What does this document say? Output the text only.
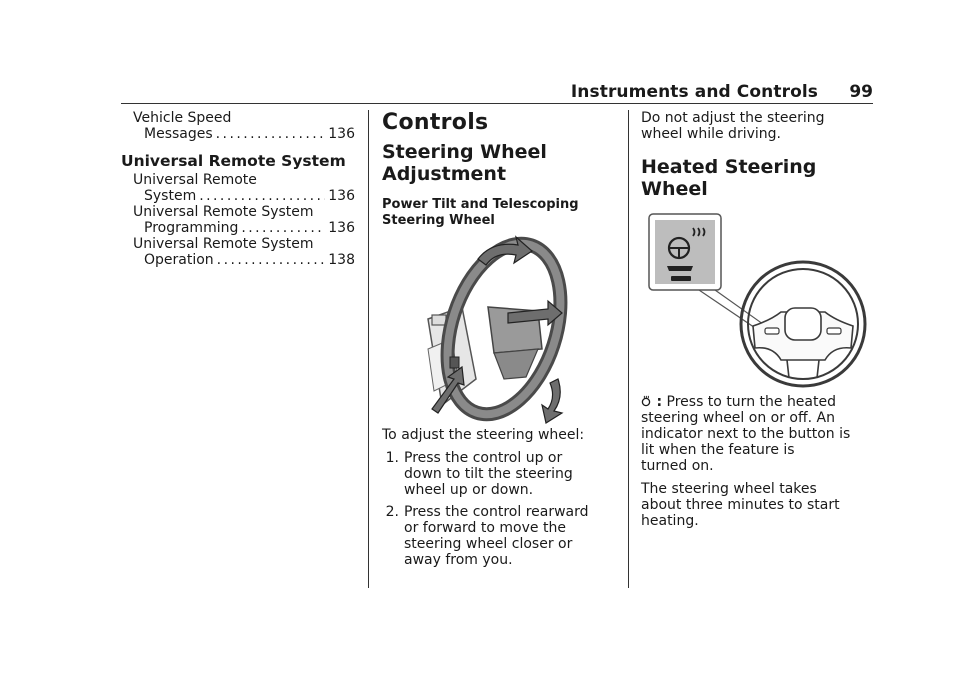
Instruments and Controls 99
Vehicle Speed
Messages . . .	136
Universal Remote System
Universal Remote
System . . .	136
Universal Remote System
Programming . . .	136
Universal Remote System
Operation . . .	138
Controls
Steering Wheel
Adjustment
Power Tilt and Telescoping
Steering Wheel

To adjust the steering wheel:

1. Press the control up or
down to tilt the steering
wheel up or down.
2. Press the control rearward
or forward to move the
steering wheel closer or
away from you.

Do not adjust the steering
wheel while driving.

Heated Steering
Wheel

: Press to turn the heated
steering wheel on or off. An
indicator next to the button is
lit when the feature is
turned on.

The steering wheel takes
about three minutes to start
heating.
